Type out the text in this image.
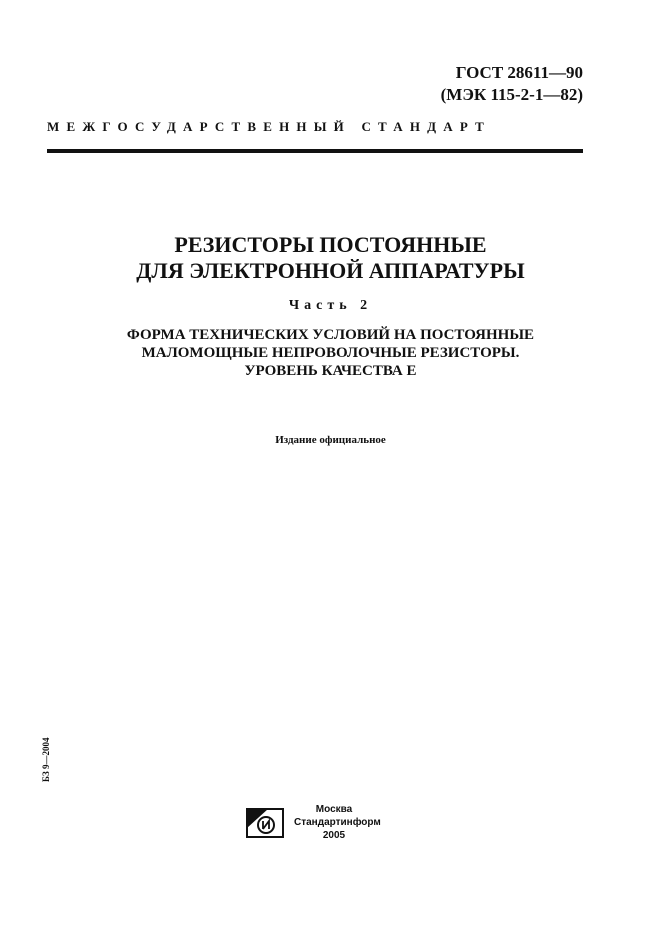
ГОСТ 28611—90
(МЭК 115-2-1—82)
МЕЖГОСУДАРСТВЕННЫЙ СТАНДАРТ
РЕЗИСТОРЫ ПОСТОЯННЫЕ
ДЛЯ ЭЛЕКТРОННОЙ АППАРАТУРЫ
Часть 2
ФОРМА ТЕХНИЧЕСКИХ УСЛОВИЙ НА ПОСТОЯННЫЕ
МАЛОМОЩНЫЕ НЕПРОВОЛОЧНЫЕ РЕЗИСТОРЫ.
УРОВЕНЬ КАЧЕСТВА Е
Издание официальное
БЗ 9—2004
Москва
Стандартинформ
2005
